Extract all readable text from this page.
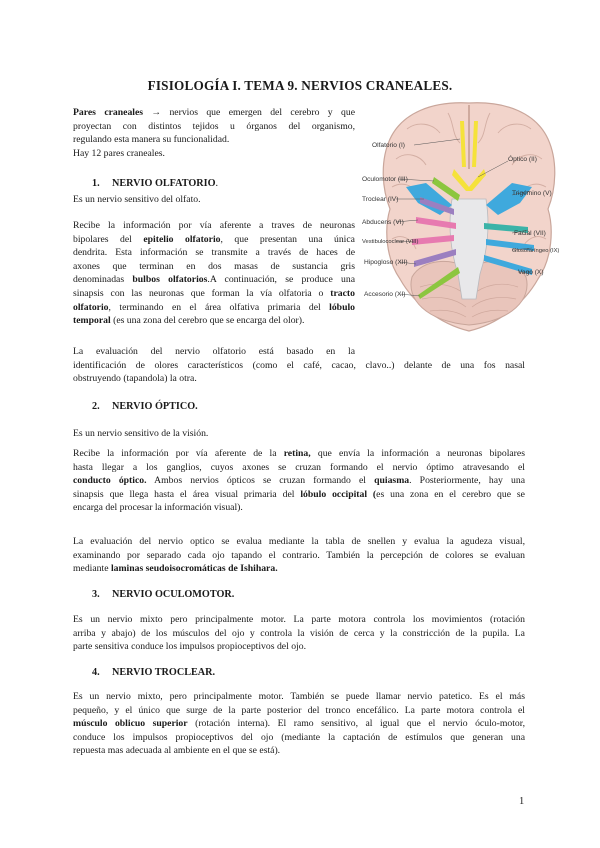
FISIOLOGÍA I. TEMA 9. NERVIOS CRANEALES.
Pares craneales → nervios que emergen del cerebro y que
proyectan con distintos tejidos u órganos del organismo,
regulando esta manera su funcionalidad.
Hay 12 pares craneales.
1. NERVIO OLFATORIO.
Es un nervio sensitivo del olfato.
Recibe la información por vía aferente a traves de neuronas
bipolares del epitelio olfatorio, que presentan una única
dendrita. Esta información se transmite a través de haces de
axones que terminan en dos masas de sustancia gris
denominadas bulbos olfatorios.A continuación, se produce una
sinapsis con las neuronas que forman la vía olfatoria o tracto
olfatorio, terminando en el área olfativa primaria del lóbulo
temporal (es una zona del cerebro que se encarga del olor).
La evaluación del nervio olfatorio está basado en la
identificación de olores característicos (como el café, cacao, clavo..) delante de una fos nasal
obstruyendo (tapandola) la otra.
2. NERVIO ÓPTICO.
Es un nervio sensitivo de la visión.
Recibe la información por vía aferente de la retina, que envía la información a neuronas bipolares
hasta llegar a los ganglios, cuyos axones se cruzan formando el nervio óptimo atravesando el
conducto óptico. Ambos nervios ópticos se cruzan formando el quiasma. Posteriormente, hay una
sinapsis que llega hasta el área visual primaria del lóbulo occipital (es una zona en el cerebro que se
encarga del procesar la información visual).
La evaluación del nervio optico se evalua mediante la tabla de snellen y evalua la agudeza visual,
examinando por separado cada ojo tapando el contrario. También la percepción de colores se evaluan
mediante laminas seudoisocromáticas de Ishihara.
3. NERVIO OCULOMOTOR.
Es un nervio mixto pero principalmente motor. La parte motora controla los movimientos (rotación
arriba y abajo) de los músculos del ojo y controla la visión de cerca y la constricción de la pupila. La
parte sensitiva conduce los impulsos propioceptivos del ojo.
4. NERVIO TROCLEAR.
Es un nervio mixto, pero principalmente motor. También se puede llamar nervio patetico. Es el más
pequeño, y el único que surge de la parte posterior del tronco encefálico. La parte motora controla el
músculo oblicuo superior (rotación interna). El ramo sensitivo, al igual que el nervio óculo-motor,
conduce los impulsos propioceptivos del ojo (mediante la captación de estímulos que generan una
repuesta mas adecuada al ambiente en el que se está).
Olfatorio (I)
Óptico (II)
Oculomotor (III)
Troclear (IV)
Trigémino (V)
Abducens (VI)
Facial (VII)
Vestibulococlear (VIII)
Glosofaríngeo (IX)
Hipogloso (XII)
Vago (X)
Accesorio (XI)
1
